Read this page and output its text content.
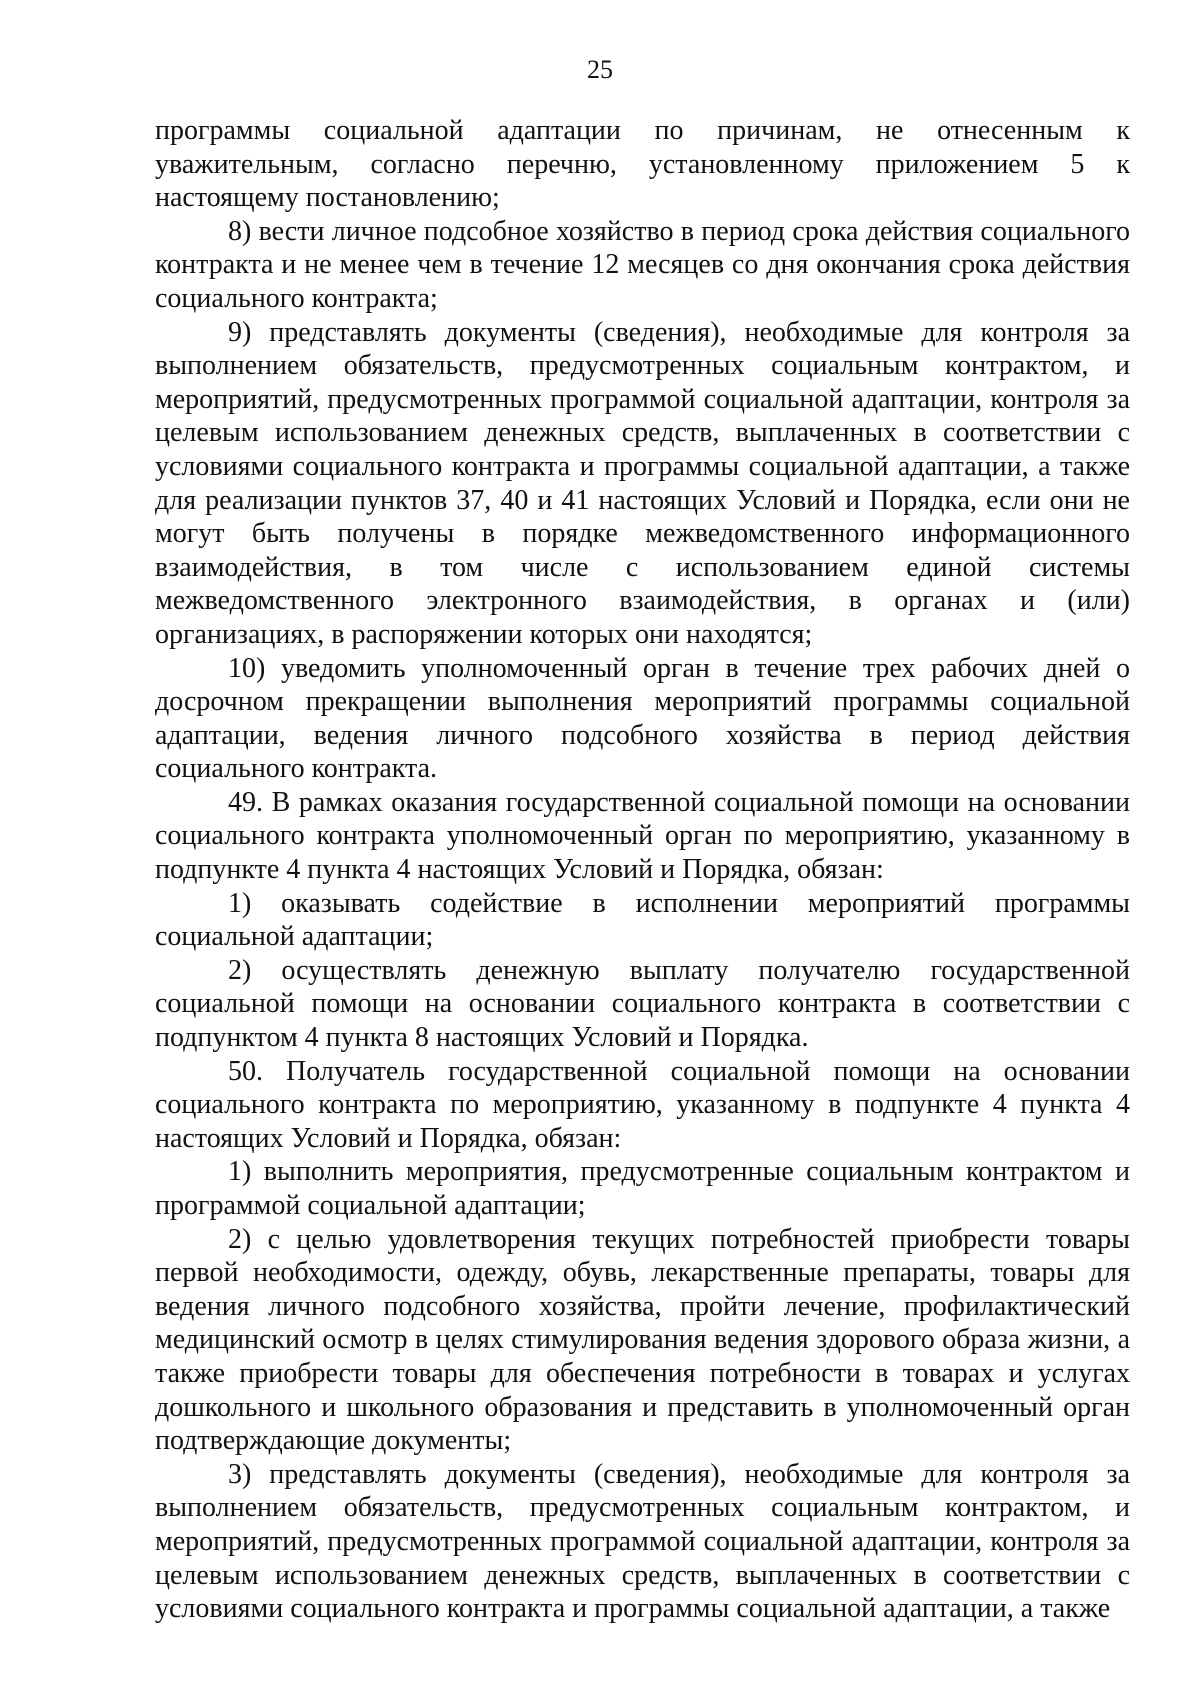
25

программы социальной адаптации по причинам, не отнесенным к уважительным, согласно перечню, установленному приложением 5 к настоящему постановлению;

8) вести личное подсобное хозяйство в период срока действия социального контракта и не менее чем в течение 12 месяцев со дня окончания срока действия социального контракта;

9) представлять документы (сведения), необходимые для контроля за выполнением обязательств, предусмотренных социальным контрактом, и мероприятий, предусмотренных программой социальной адаптации, контроля за целевым использованием денежных средств, выплаченных в соответствии с условиями социального контракта и программы социальной адаптации, а также для реализации пунктов 37, 40 и 41 настоящих Условий и Порядка, если они не могут быть получены в порядке межведомственного информационного взаимодействия, в том числе с использованием единой системы межведомственного электронного взаимодействия, в органах и (или) организациях, в распоряжении которых они находятся;

10) уведомить уполномоченный орган в течение трех рабочих дней о досрочном прекращении выполнения мероприятий программы социальной адаптации, ведения личного подсобного хозяйства в период действия социального контракта.

49. В рамках оказания государственной социальной помощи на основании социального контракта уполномоченный орган по мероприятию, указанному в подпункте 4 пункта 4 настоящих Условий и Порядка, обязан:

1) оказывать содействие в исполнении мероприятий программы социальной адаптации;

2) осуществлять денежную выплату получателю государственной социальной помощи на основании социального контракта в соответствии с подпунктом 4 пункта 8 настоящих Условий и Порядка.

50. Получатель государственной социальной помощи на основании социального контракта по мероприятию, указанному в подпункте 4 пункта 4 настоящих Условий и Порядка, обязан:

1) выполнить мероприятия, предусмотренные социальным контрактом и программой социальной адаптации;

2) с целью удовлетворения текущих потребностей приобрести товары первой необходимости, одежду, обувь, лекарственные препараты, товары для ведения личного подсобного хозяйства, пройти лечение, профилактический медицинский осмотр в целях стимулирования ведения здорового образа жизни, а также приобрести товары для обеспечения потребности в товарах и услугах дошкольного и школьного образования и представить в уполномоченный орган подтверждающие документы;

3) представлять документы (сведения), необходимые для контроля за выполнением обязательств, предусмотренных социальным контрактом, и мероприятий, предусмотренных программой социальной адаптации, контроля за целевым использованием денежных средств, выплаченных в соответствии с условиями социального контракта и программы социальной адаптации, а также
